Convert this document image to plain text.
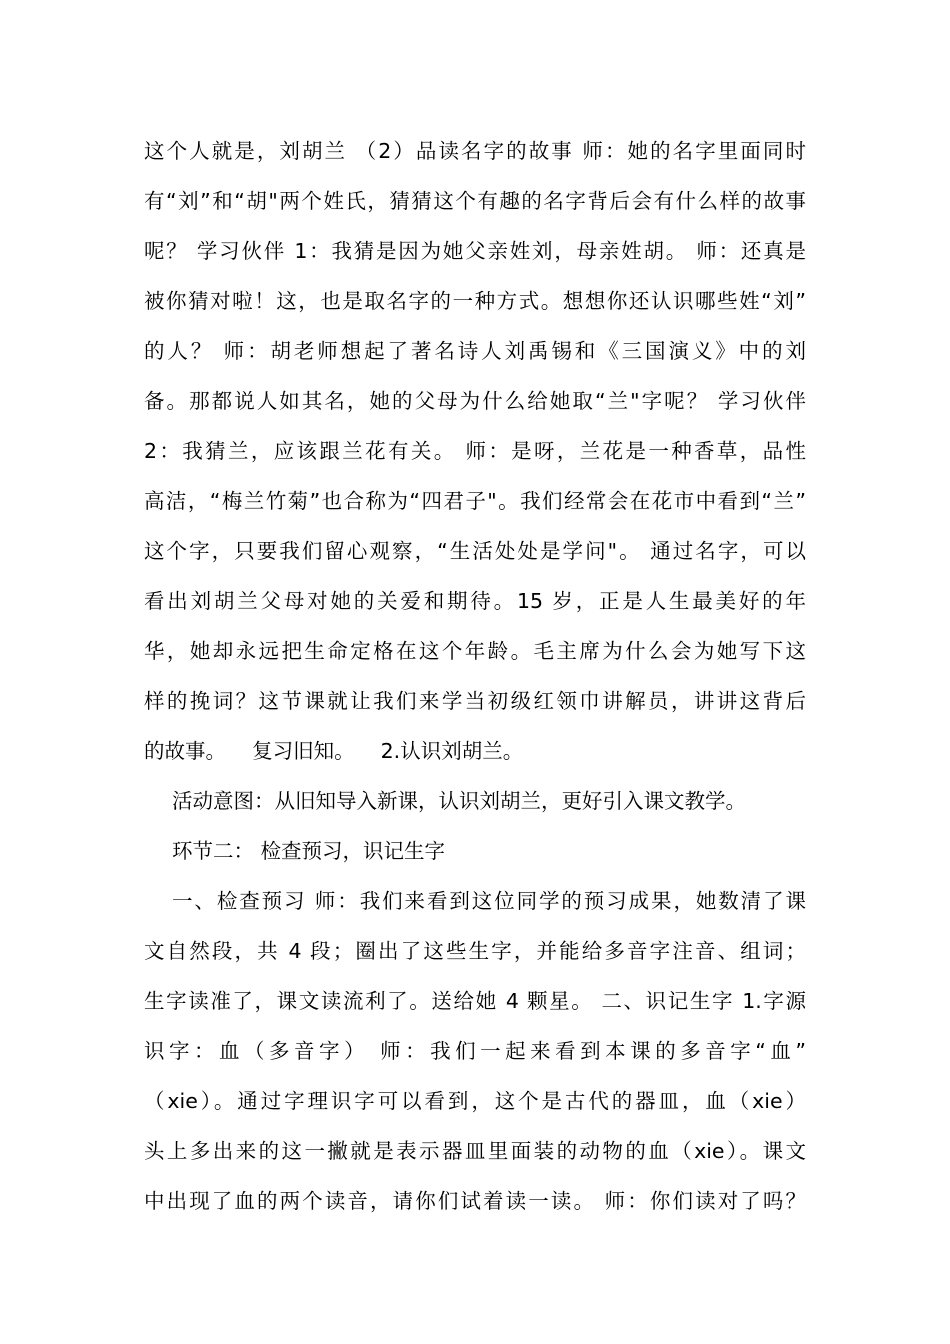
这个人就是，刘胡兰 （2）品读名字的故事 师：她的名字里面同时
有“刘”和“胡"两个姓氏，猜猜这个有趣的名字背后会有什么样的故事
呢？ 学习伙伴 1：我猜是因为她父亲姓刘，母亲姓胡。 师：还真是
被你猜对啦！这，也是取名字的一种方式。想想你还认识哪些姓“刘”
的人？ 师：胡老师想起了著名诗人刘禹锡和《三国演义》中的刘
备。那都说人如其名，她的父母为什么给她取“兰"字呢？ 学习伙伴
2：我猜兰，应该跟兰花有关。 师：是呀，兰花是一种香草，品性
高洁，“梅兰竹菊”也合称为“四君子"。我们经常会在花市中看到“兰”
这个字，只要我们留心观察，“生活处处是学问"。 通过名字，可以
看出刘胡兰父母对她的关爱和期待。15 岁，正是人生最美好的年
华，她却永远把生命定格在这个年龄。毛主席为什么会为她写下这
样的挽词？这节课就让我们来学当初级红领巾讲解员，讲讲这背后
的故事。    复习旧知。    2.认识刘胡兰。
活动意图：从旧知导入新课，认识刘胡兰，更好引入课文教学。
环节二： 检查预习，识记生字
一、检查预习 师：我们来看到这位同学的预习成果，她数清了课
文自然段，共 4 段；圈出了这些生字，并能给多音字注音、组词；
生字读准了，课文读流利了。送给她 4 颗星。 二、识记生字 1.字源
识字：血（多音字） 师：我们一起来看到本课的多音字“血”
（xie）。通过字理识字可以看到，这个是古代的器皿，血（xie）
头上多出来的这一撇就是表示器皿里面装的动物的血（xie）。课文
中出现了血的两个读音，请你们试着读一读。 师：你们读对了吗？
